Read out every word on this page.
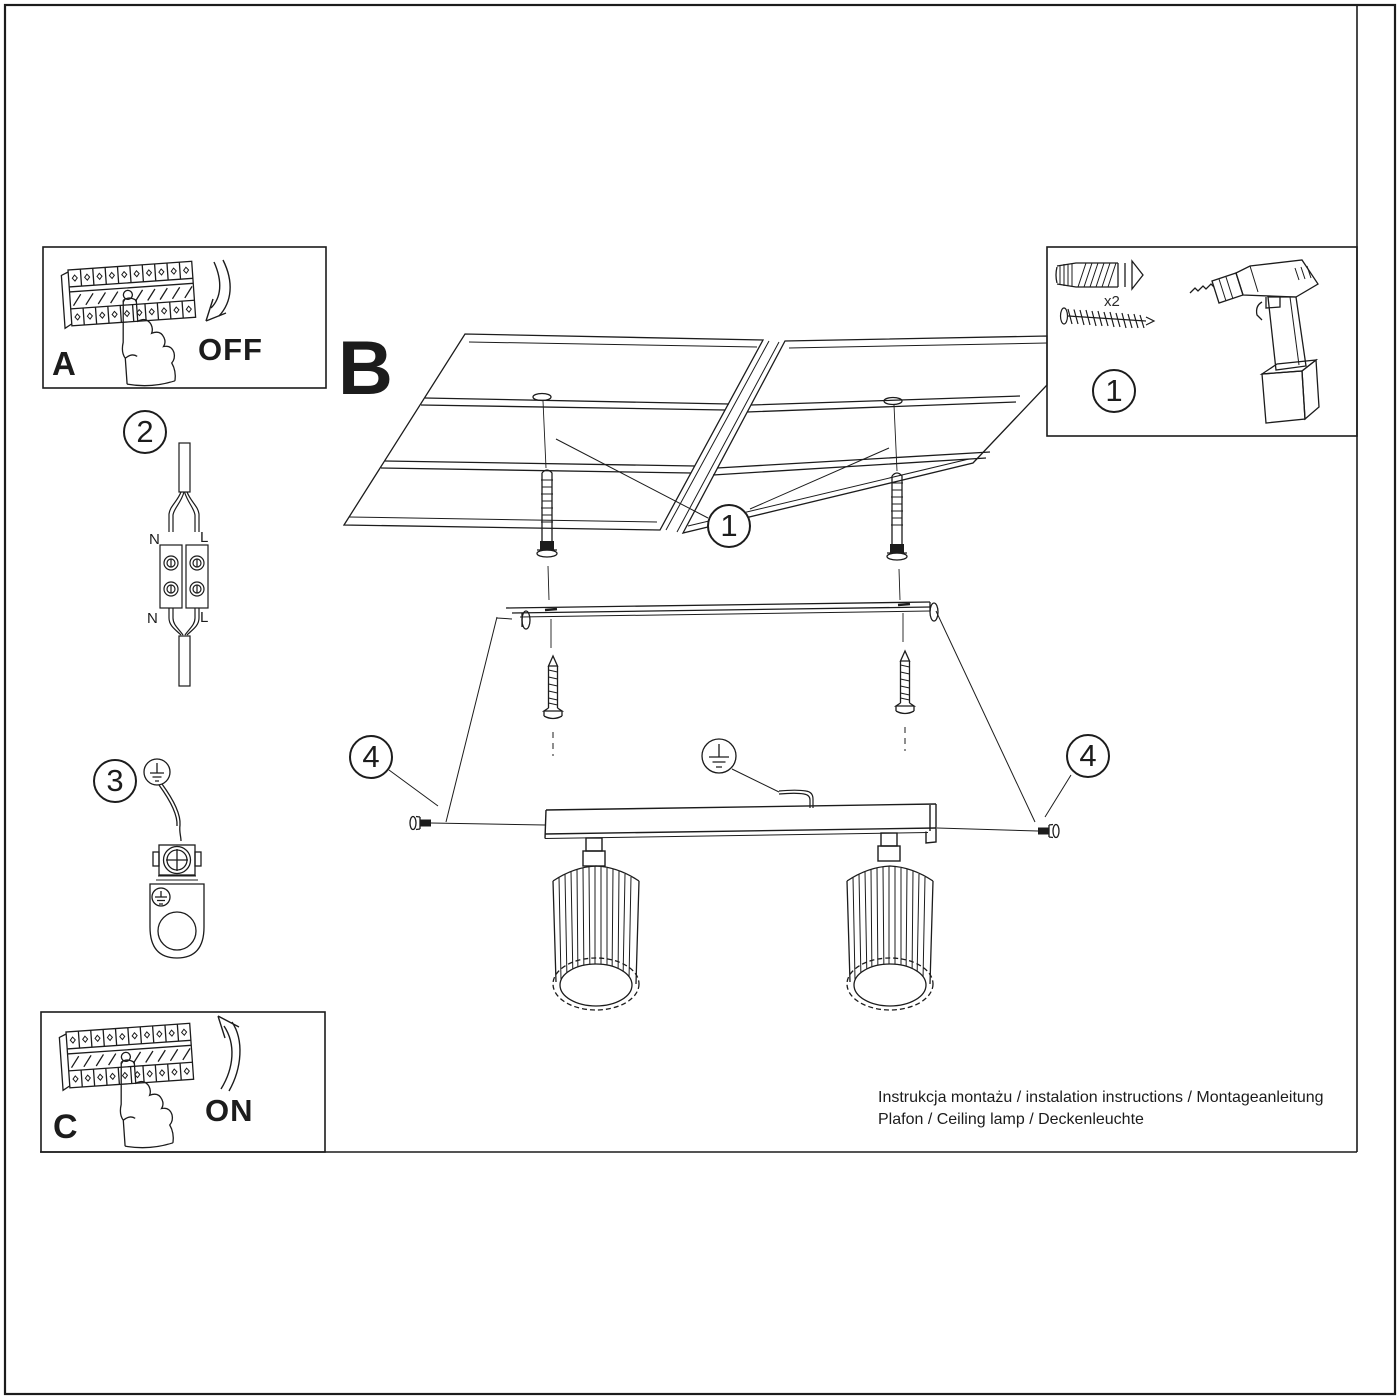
A	OFF B
C	ON
N	L
N	L
x2
2
3
1
4	4
1
Instrukcja montażu / instalation instructions / Montageanleitung
Plafon / Ceiling lamp / Deckenleuchte
